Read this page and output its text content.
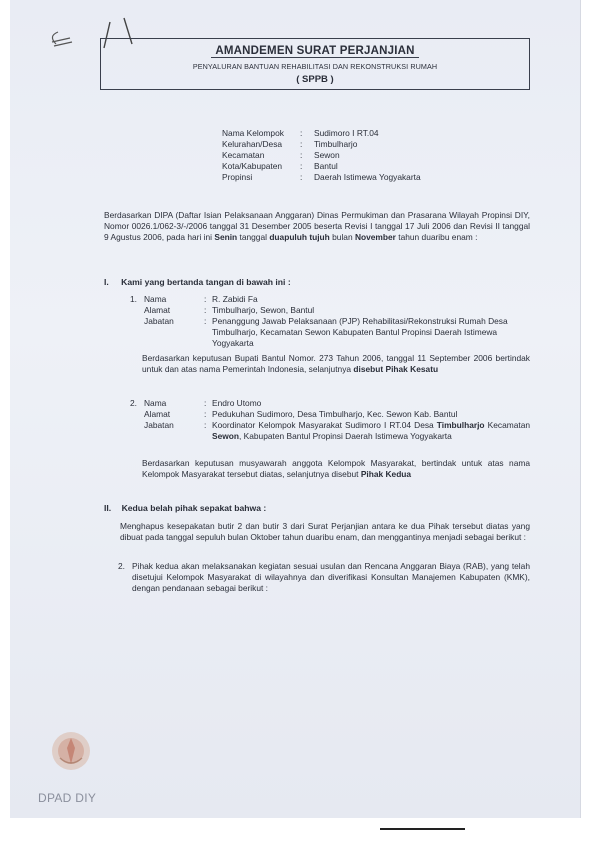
AMANDEMEN SURAT PERJANJIAN
PENYALURAN BANTUAN REHABILITASI DAN REKONSTRUKSI RUMAH
( SPPB )
Nama Kelompok	:	Sudimoro I RT.04
Kelurahan/Desa	:	Timbulharjo
Kecamatan	:	Sewon
Kota/Kabupaten	:	Bantul
Propinsi	:	Daerah Istimewa Yogyakarta
Berdasarkan DIPA (Daftar Isian Pelaksanaan Anggaran) Dinas Permukiman dan Prasarana Wilayah Propinsi DIY, Nomor 0026.1/062-3/-/2006 tanggal 31 Desember 2005 beserta Revisi I tanggal 17 Juli 2006 dan Revisi II tanggal 9 Agustus 2006, pada hari ini Senin tanggal duapuluh tujuh bulan November tahun duaribu enam :
I. Kami yang bertanda tangan di bawah ini :
1. Nama	: R. Zabidi Fa
Alamat	: Timbulharjo, Sewon, Bantul
Jabatan	: Penanggung Jawab Pelaksanaan (PJP) Rehabilitasi/Rekonstruksi Rumah Desa Timbulharjo, Kecamatan Sewon Kabupaten Bantul Propinsi Daerah Istimewa Yogyakarta
Berdasarkan keputusan Bupati Bantul Nomor. 273 Tahun 2006, tanggal 11 September 2006 bertindak untuk dan atas nama Pemerintah Indonesia, selanjutnya disebut Pihak Kesatu
2. Nama	: Endro Utomo
Alamat	: Pedukuhan Sudimoro, Desa Timbulharjo, Kec. Sewon Kab. Bantul
Jabatan	: Koordinator Kelompok Masyarakat Sudimoro I RT.04 Desa Timbulharjo Kecamatan Sewon, Kabupaten Bantul Propinsi Daerah Istimewa Yogyakarta
Berdasarkan keputusan musyawarah anggota Kelompok Masyarakat, bertindak untuk atas nama Kelompok Masyarakat tersebut diatas, selanjutnya disebut Pihak Kedua
II. Kedua belah pihak sepakat bahwa :
Menghapus kesepakatan butir 2 dan butir 3 dari Surat Perjanjian antara ke dua Pihak tersebut diatas yang dibuat pada tanggal sepuluh bulan Oktober tahun duaribu enam, dan menggantinya menjadi sebagai berikut :
2. Pihak kedua akan melaksanakan kegiatan sesuai usulan dan Rencana Anggaran Biaya (RAB), yang telah disetujui Kelompok Masyarakat di wilayahnya dan diverifikasi Konsultan Manajemen Kabupaten (KMK), dengan pendanaan sebagai berikut :
DPAD DIY
